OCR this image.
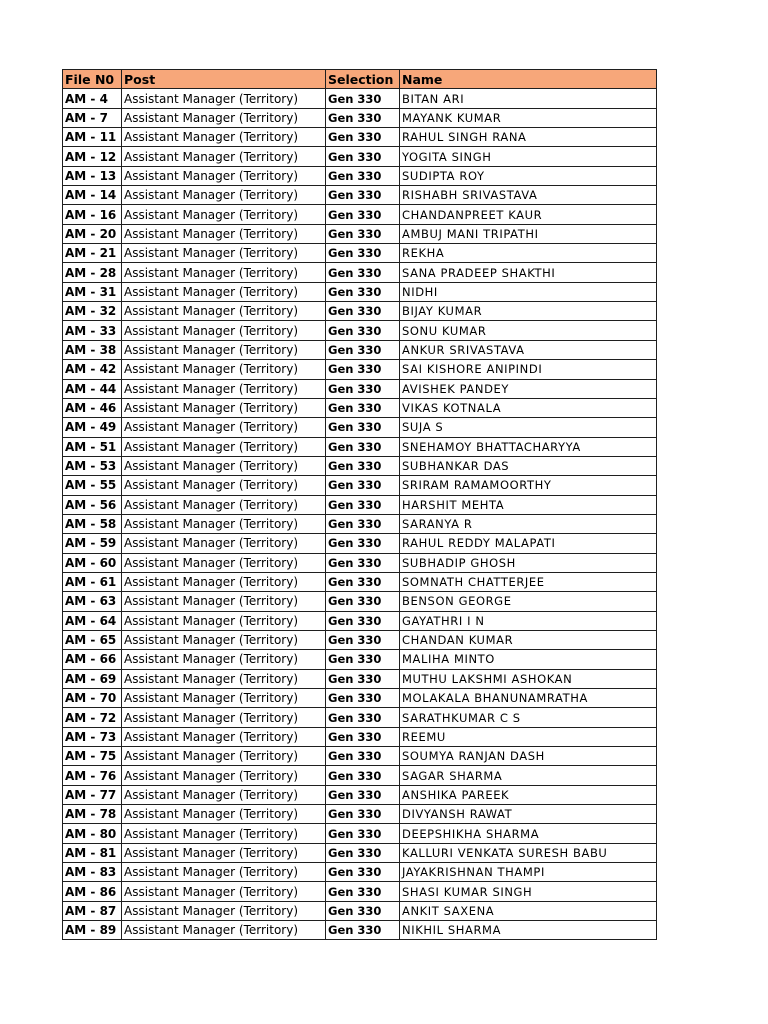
File N0	Post	Selection	Name
AM - 4	Assistant Manager (Territory)	Gen 330	BITAN ARI
AM - 7	Assistant Manager (Territory)	Gen 330	MAYANK KUMAR
AM - 11	Assistant Manager (Territory)	Gen 330	RAHUL SINGH RANA
AM - 12	Assistant Manager (Territory)	Gen 330	YOGITA SINGH
AM - 13	Assistant Manager (Territory)	Gen 330	SUDIPTA ROY
AM - 14	Assistant Manager (Territory)	Gen 330	RISHABH SRIVASTAVA
AM - 16	Assistant Manager (Territory)	Gen 330	CHANDANPREET KAUR
AM - 20	Assistant Manager (Territory)	Gen 330	AMBUJ MANI TRIPATHI
AM - 21	Assistant Manager (Territory)	Gen 330	REKHA
AM - 28	Assistant Manager (Territory)	Gen 330	SANA PRADEEP SHAKTHI
AM - 31	Assistant Manager (Territory)	Gen 330	NIDHI
AM - 32	Assistant Manager (Territory)	Gen 330	BIJAY KUMAR
AM - 33	Assistant Manager (Territory)	Gen 330	SONU KUMAR
AM - 38	Assistant Manager (Territory)	Gen 330	ANKUR SRIVASTAVA
AM - 42	Assistant Manager (Territory)	Gen 330	SAI KISHORE ANIPINDI
AM - 44	Assistant Manager (Territory)	Gen 330	AVISHEK PANDEY
AM - 46	Assistant Manager (Territory)	Gen 330	VIKAS KOTNALA
AM - 49	Assistant Manager (Territory)	Gen 330	SUJA S
AM - 51	Assistant Manager (Territory)	Gen 330	SNEHAMOY BHATTACHARYYA
AM - 53	Assistant Manager (Territory)	Gen 330	SUBHANKAR DAS
AM - 55	Assistant Manager (Territory)	Gen 330	SRIRAM RAMAMOORTHY
AM - 56	Assistant Manager (Territory)	Gen 330	HARSHIT MEHTA
AM - 58	Assistant Manager (Territory)	Gen 330	SARANYA R
AM - 59	Assistant Manager (Territory)	Gen 330	RAHUL REDDY MALAPATI
AM - 60	Assistant Manager (Territory)	Gen 330	SUBHADIP GHOSH
AM - 61	Assistant Manager (Territory)	Gen 330	SOMNATH CHATTERJEE
AM - 63	Assistant Manager (Territory)	Gen 330	BENSON GEORGE
AM - 64	Assistant Manager (Territory)	Gen 330	GAYATHRI I N
AM - 65	Assistant Manager (Territory)	Gen 330	CHANDAN KUMAR
AM - 66	Assistant Manager (Territory)	Gen 330	MALIHA MINTO
AM - 69	Assistant Manager (Territory)	Gen 330	MUTHU LAKSHMI ASHOKAN
AM - 70	Assistant Manager (Territory)	Gen 330	MOLAKALA BHANUNAMRATHA
AM - 72	Assistant Manager (Territory)	Gen 330	SARATHKUMAR C S
AM - 73	Assistant Manager (Territory)	Gen 330	REEMU
AM - 75	Assistant Manager (Territory)	Gen 330	SOUMYA RANJAN DASH
AM - 76	Assistant Manager (Territory)	Gen 330	SAGAR SHARMA
AM - 77	Assistant Manager (Territory)	Gen 330	ANSHIKA PAREEK
AM - 78	Assistant Manager (Territory)	Gen 330	DIVYANSH RAWAT
AM - 80	Assistant Manager (Territory)	Gen 330	DEEPSHIKHA SHARMA
AM - 81	Assistant Manager (Territory)	Gen 330	KALLURI VENKATA SURESH BABU
AM - 83	Assistant Manager (Territory)	Gen 330	JAYAKRISHNAN THAMPI
AM - 86	Assistant Manager (Territory)	Gen 330	SHASI KUMAR SINGH
AM - 87	Assistant Manager (Territory)	Gen 330	ANKIT SAXENA
AM - 89	Assistant Manager (Territory)	Gen 330	NIKHIL SHARMA
